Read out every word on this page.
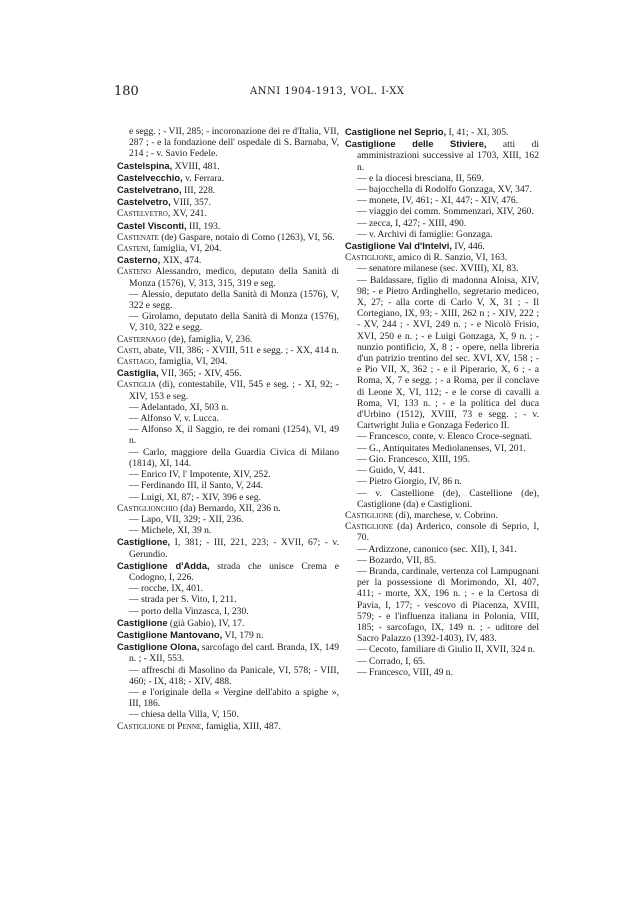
180	ANNI 1904-1913, VOL. I-XX

e segg. ; - VII, 285; - incoronazione dei re d'Italia, VII, 287 ; - e la fondazione dell' ospedale di S. Barnaba, V, 214 ; - v. Savio Fedele.

Castelspina, XVIII, 481.

Castelvecchio, v. Ferrara.

Castelvetrano, III, 228.

Castelvetro, VIII, 357.

Castelvetro, XV, 241.

Castel Visconti, III, 193.

Castenate (de) Gaspare, notaio di Como (1263), VI, 56.

Casteni, famiglia, VI, 204.

Casterno, XIX, 474.

Casteno Alessandro, medico, deputato della Sanità di Monza (1576), V, 313, 315, 319 e seg.

— Alessio, deputato della Sanità di Monza (1576), V, 322 e segg.

— Girolamo, deputato della Sanità di Monza (1576), V, 310, 322 e segg.

Casternago (de), famiglia, V, 236.

Casti, abate, VII, 386; - XVIII, 511 e segg. ; - XX, 414 n.

Castiago, famiglia, VI, 204.

Castiglia, VII, 365; - XIV, 456.

Castiglia (di), contestabile, VII, 545 e seg. ; - XI, 92; - XIV, 153 e seg.

— Adelantado, XI, 503 n.

— Alfonso V, v. Lucca.

— Alfonso X, il Saggio, re dei romani (1254), VI, 49 n.

— Carlo, maggiore della Guardia Civica di Milano (1814), XI, 144.

— Enrico IV, l' Impotente, XIV, 252.

— Ferdinando III, il Santo, V, 244.

— Luigi, XI, 87; - XIV, 396 e seg.

Castiglionchio (da) Bernardo, XII, 236 n.

— Lapo, VII, 329; - XII, 236.

— Michele, XI, 39 n.

Castiglione, I, 381; - III, 221, 223; - XVII, 67; - v. Gerundio.

Castiglione d'Adda, strada che unisce Crema e Codogno, I, 226.

— rocche, IX, 401.

— strada per S. Vito, I, 211.

— porto della Vinzasca, I, 230.

Castiglione (già Gabio), IV, 17.

Castiglione Mantovano, VI, 179 n.

Castiglione Olona, sarcofago del card. Branda, IX, 149 n. ; - XII, 553.

— affreschi di Masolino da Panicale, VI, 578; - VIII, 460; - IX, 418; - XIV, 488.

— e l'originale della « Vergine dell'abito a spighe », III, 186.

— chiesa della Villa, V, 150.

Castiglione di Penne, famiglia, XIII, 487.

Castiglione nel Seprio, I, 41; - XI, 305.

Castiglione delle Stiviere, atti di amministrazioni successive al 1703, XIII, 162 n.

— e la diocesi bresciana, II, 569.

— bajocchella di Rodolfo Gonzaga, XV, 347.

— monete, IV, 461; - XI, 447; - XIV, 476.

— viaggio dei comm. Sommenzari, XIV, 260.

— zecca, I, 427; - XIII, 490.

— v. Archivi di famiglie: Gonzaga.

Castiglione Val d'Intelvi, IV, 446.

Castiglione, amico di R. Sanzio, VI, 163.

— senatore milanese (sec. XVIII), XI, 83.

— Baldassare, figlio di madonna Aloisa, XIV, 98; - e Pietro Ardinghello, segretario mediceo, X, 27; - alla corte di Carlo V, X, 31 ; - Il Cortegiano, IX, 93; - XIII, 262 n ; - XIV, 222 ; - XV, 244 ; - XVI, 249 n. ; - e Nicolò Frisio, XVI, 250 e n. ; - e Luigi Gonzaga, X, 9 n. ; - nunzio pontificio, X, 8 ; - opere, nella libreria d'un patrizio trentino del sec. XVI, XV, 158 ; - e Pio VII, X, 362 ; - e il Piperario, X, 6 ; - a Roma, X, 7 e segg. ; - a Roma, per il conclave di Leone X, VI, 112; - e le corse di cavalli a Roma, VI, 133 n. ; - e la politica del duca d'Urbino (1512), XVIII, 73 e segg. ; - v. Cartwright Julia e Gonzaga Federico II.

— Francesco, conte, v. Elenco Croce-segnati.

— G., Antiquitates Mediolanenses, VI, 201.

— Gio. Francesco, XIII, 195.

— Guido, V, 441.

— Pietro Giorgio, IV, 86 n.

— v. Castellione (de), Castellione (de), Castiglione (da) e Castiglioni.

Castiglione (di), marchese, v. Cobrino.

Castiglione (da) Arderico, console di Seprio, I, 70.

— Ardizzone, canonico (sec. XII), I, 341.

— Bozardo, VII, 85.

— Branda, cardinale, vertenza col Lampugnani per la possessione di Morimondo, XI, 407, 411; - morte, XX, 196 n. ; - e la Certosa di Pavia, I, 177; - vescovo di Piacenza, XVIII, 579; - e l'influenza italiana in Polonia, VIII, 185; - sarcofago, IX, 149 n. ; - uditore del Sacro Palazzo (1392-1403), IV, 483.

— Cecoto, familiare di Giulio II, XVII, 324 n.

— Corrado, I, 65.

— Francesco, VIII, 49 n.
